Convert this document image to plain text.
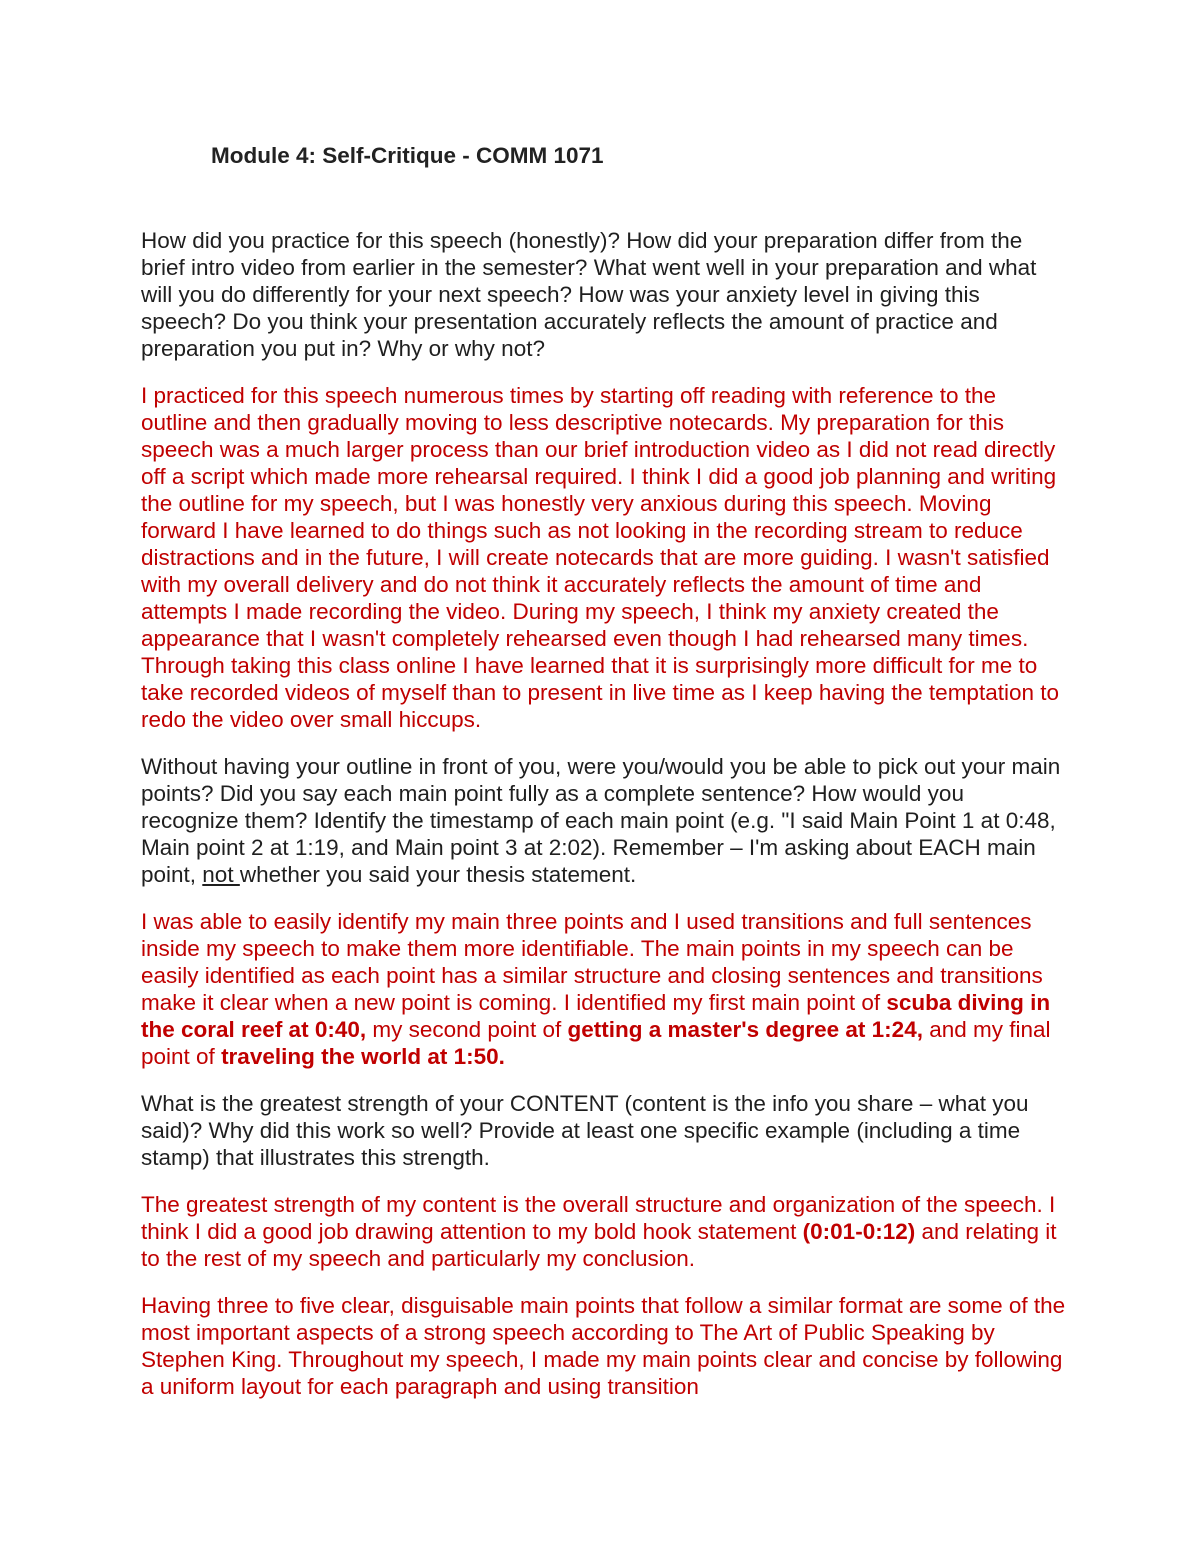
Module 4: Self-Critique - COMM 1071

How did you practice for this speech (honestly)? How did your preparation differ from the brief intro video from earlier in the semester? What went well in your preparation and what will you do differently for your next speech? How was your anxiety level in giving this speech? Do you think your presentation accurately reflects the amount of practice and preparation you put in? Why or why not?

I practiced for this speech numerous times by starting off reading with reference to the outline and then gradually moving to less descriptive notecards. My preparation for this speech was a much larger process than our brief introduction video as I did not read directly off a script which made more rehearsal required. I think I did a good job planning and writing the outline for my speech, but I was honestly very anxious during this speech. Moving forward I have learned to do things such as not looking in the recording stream to reduce distractions and in the future, I will create notecards that are more guiding. I wasn't satisfied with my overall delivery and do not think it accurately reflects the amount of time and attempts I made recording the video. During my speech, I think my anxiety created the appearance that I wasn't completely rehearsed even though I had rehearsed many times. Through taking this class online I have learned that it is surprisingly more difficult for me to take recorded videos of myself than to present in live time as I keep having the temptation to redo the video over small hiccups.

Without having your outline in front of you, were you/would you be able to pick out your main points? Did you say each main point fully as a complete sentence? How would you recognize them? Identify the timestamp of each main point (e.g. "I said Main Point 1 at 0:48, Main point 2 at 1:19, and Main point 3 at 2:02). Remember – I'm asking about EACH main point, not whether you said your thesis statement.

I was able to easily identify my main three points and I used transitions and full sentences inside my speech to make them more identifiable. The main points in my speech can be easily identified as each point has a similar structure and closing sentences and transitions make it clear when a new point is coming. I identified my first main point of scuba diving in the coral reef at 0:40, my second point of getting a master's degree at 1:24, and my final point of traveling the world at 1:50.

What is the greatest strength of your CONTENT (content is the info you share – what you said)? Why did this work so well? Provide at least one specific example (including a time stamp) that illustrates this strength.

The greatest strength of my content is the overall structure and organization of the speech. I think I did a good job drawing attention to my bold hook statement (0:01-0:12) and relating it to the rest of my speech and particularly my conclusion.

Having three to five clear, disguisable main points that follow a similar format are some of the most important aspects of a strong speech according to The Art of Public Speaking by Stephen King. Throughout my speech, I made my main points clear and concise by following a uniform layout for each paragraph and using transition
